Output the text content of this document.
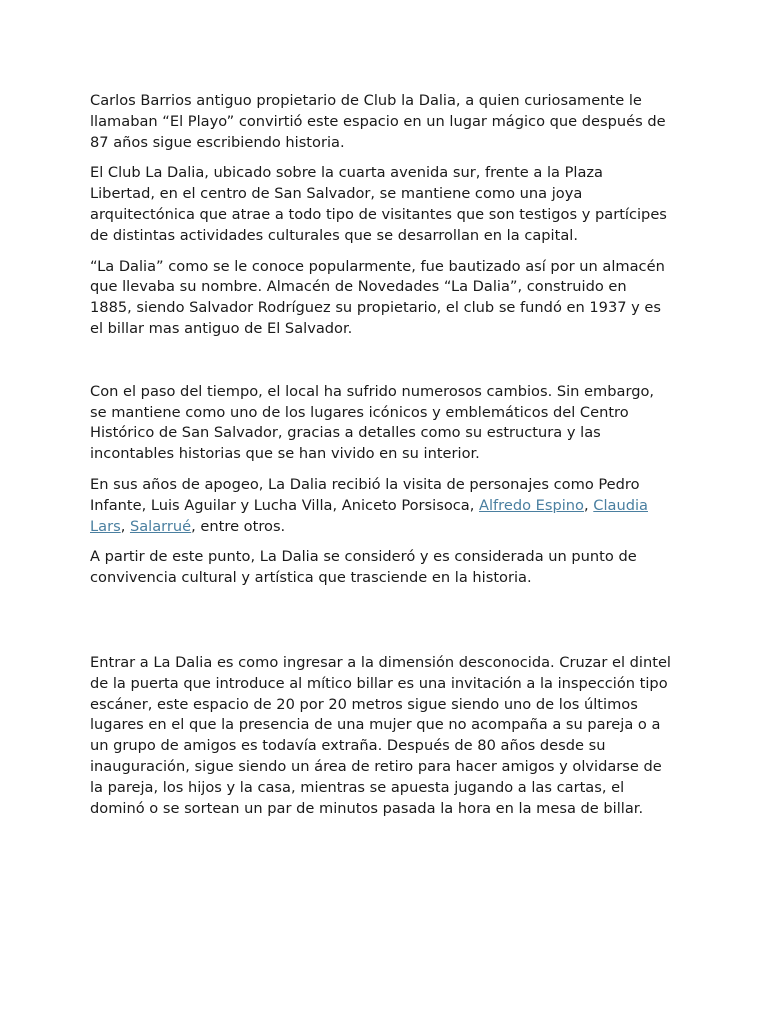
Carlos Barrios antiguo propietario de Club la Dalia, a quien curiosamente le llamaban “El Playo” convirtió este espacio en un lugar mágico que después de 87 años sigue escribiendo historia.

El Club La Dalia, ubicado sobre la cuarta avenida sur, frente a la Plaza Libertad, en el centro de San Salvador, se mantiene como una joya arquitectónica que atrae a todo tipo de visitantes que son testigos y partícipes de distintas actividades culturales que se desarrollan en la capital.

“La Dalia” como se le conoce popularmente, fue bautizado así por un almacén que llevaba su nombre. Almacén de Novedades “La Dalia”, construido en 1885, siendo Salvador Rodríguez su propietario, el club se fundó en 1937 y es el billar mas antiguo de El Salvador.

Con el paso del tiempo, el local ha sufrido numerosos cambios. Sin embargo, se mantiene como uno de los lugares icónicos y emblemáticos del Centro Histórico de San Salvador, gracias a detalles como su estructura y las incontables historias que se han vivido en su interior.

En sus años de apogeo, La Dalia recibió la visita de personajes como Pedro Infante, Luis Aguilar y Lucha Villa, Aniceto Porsisoca, Alfredo Espino, Claudia Lars, Salarrué, entre otros.

A partir de este punto, La Dalia se consideró y es considerada un punto de convivencia cultural y artística que trasciende en la historia.

Entrar a La Dalia es como ingresar a la dimensión desconocida. Cruzar el dintel de la puerta que introduce al mítico billar es una invitación a la inspección tipo escáner, este espacio de 20 por 20 metros sigue siendo uno de los últimos lugares en el que la presencia de una mujer que no acompaña a su pareja o a un grupo de amigos es todavía extraña. Después de 80 años desde su inauguración, sigue siendo un área de retiro para hacer amigos y olvidarse de la pareja, los hijos y la casa, mientras se apuesta jugando a las cartas, el dominó o se sortean un par de minutos pasada la hora en la mesa de billar.
